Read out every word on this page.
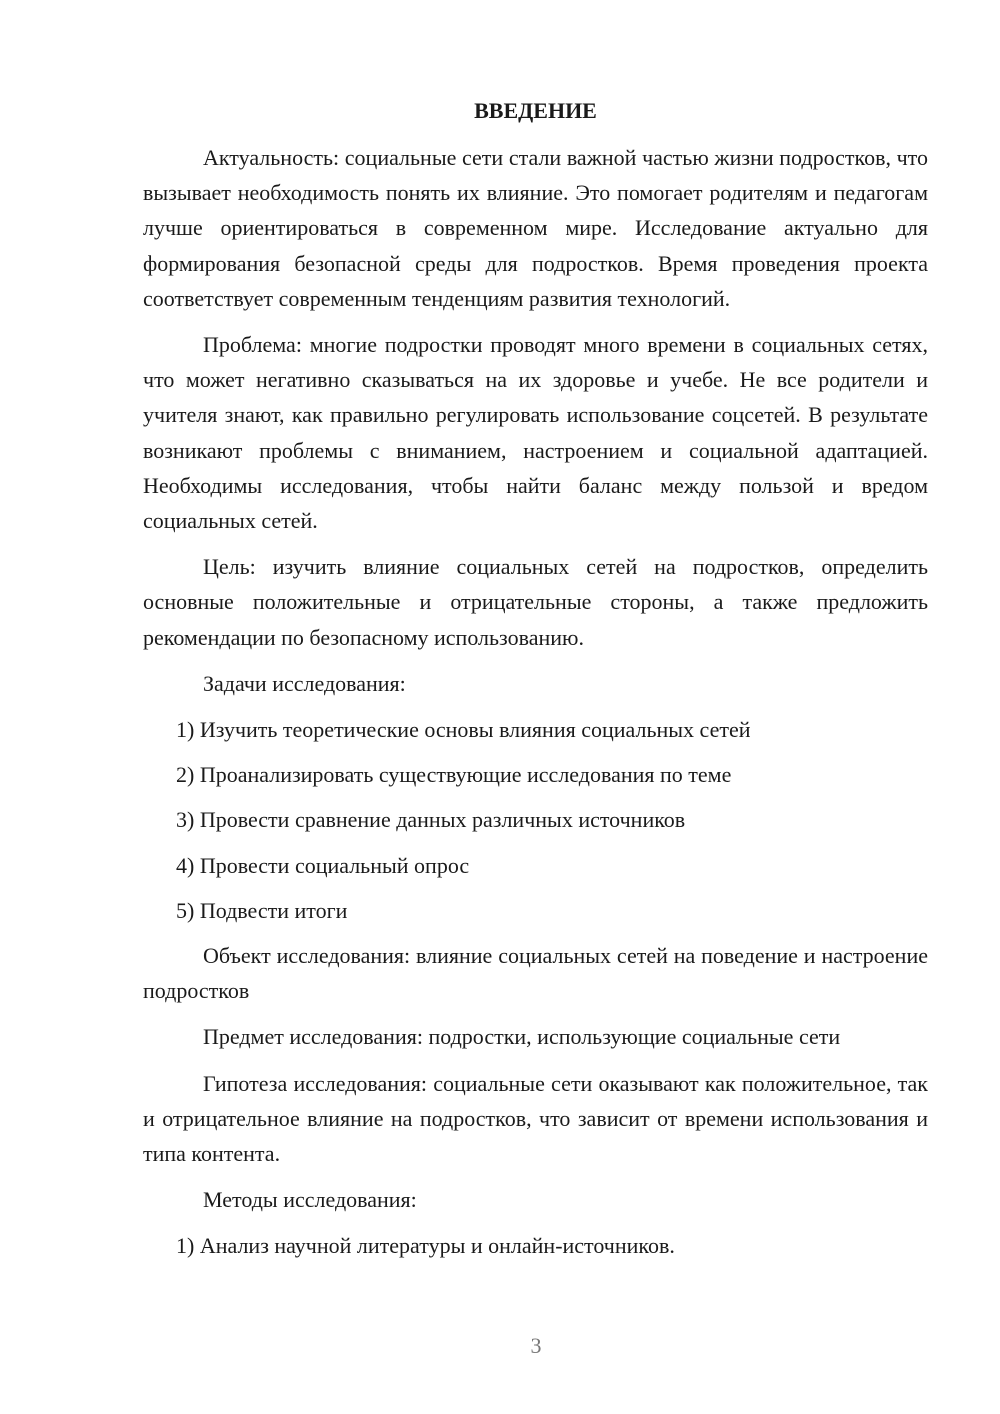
ВВЕДЕНИЕ

Актуальность: социальные сети стали важной частью жизни подростков, что вызывает необходимость понять их влияние. Это помогает родителям и педагогам лучше ориентироваться в современном мире. Исследование актуально для формирования безопасной среды для подростков. Время проведения проекта соответствует современным тенденциям развития технологий.

Проблема: многие подростки проводят много времени в социальных сетях, что может негативно сказываться на их здоровье и учебе. Не все родители и учителя знают, как правильно регулировать использование соцсетей. В результате возникают проблемы с вниманием, настроением и социальной адаптацией. Необходимы исследования, чтобы найти баланс между пользой и вредом социальных сетей.

Цель: изучить влияние социальных сетей на подростков, определить основные положительные и отрицательные стороны, а также предложить рекомендации по безопасному использованию.

Задачи исследования:

1) Изучить теоретические основы влияния социальных сетей

2) Проанализировать существующие исследования по теме

3) Провести сравнение данных различных источников

4) Провести социальный опрос

5) Подвести итоги

Объект исследования: влияние социальных сетей на поведение и настроение подростков

Предмет исследования: подростки, использующие социальные сети

Гипотеза исследования: социальные сети оказывают как положительное, так и отрицательное влияние на подростков, что зависит от времени использования и типа контента.

Методы исследования:

1) Анализ научной литературы и онлайн-источников.

3
